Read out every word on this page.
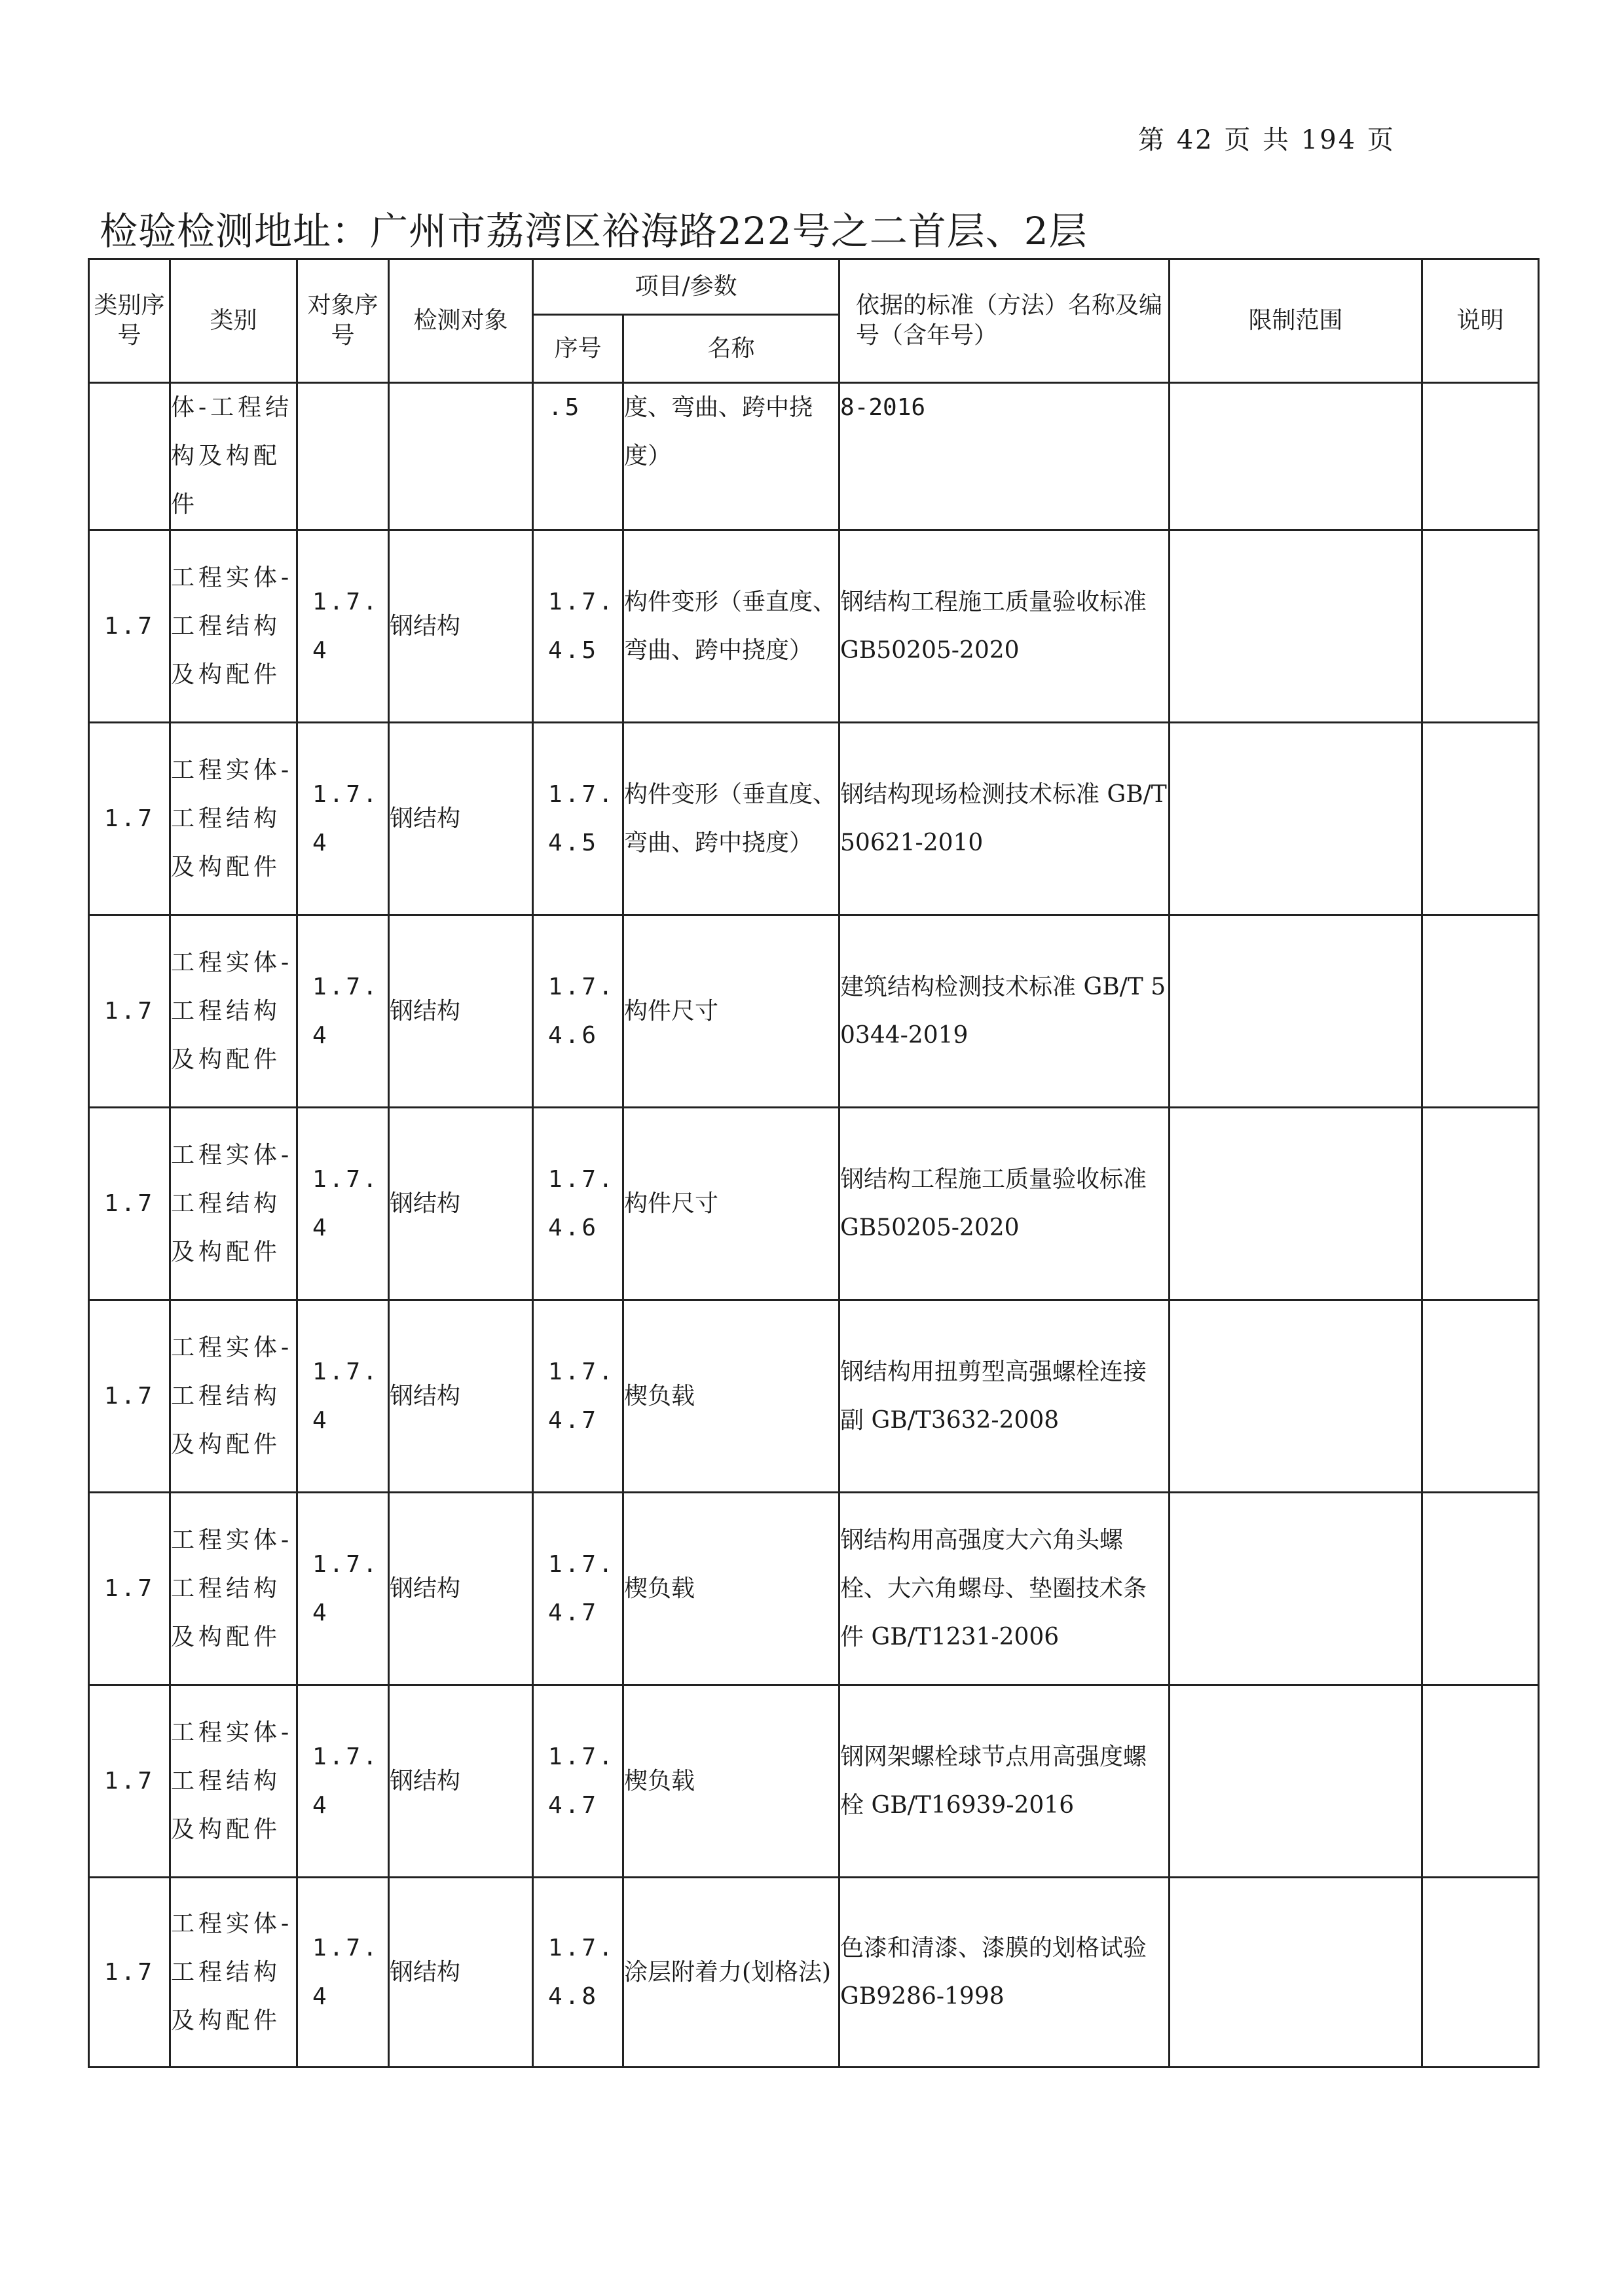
第 42 页 共 194 页
检验检测地址：广州市荔湾区裕海路222号之二首层、2层
类别序号	类别	对象序号	检测对象	项目/参数		依据的标准（方法）名称及编号（含年号）	限制范围	说明
				序号	名称			
	体-工程结构及构配件			.5	度、弯曲、跨中挠度）	8-2016		
1.7	工程实体-工程结构及构配件	1.7.4	钢结构	1.7.4.5	构件变形（垂直度、弯曲、跨中挠度）	钢结构工程施工质量验收标准 GB50205-2020		
1.7	工程实体-工程结构及构配件	1.7.4	钢结构	1.7.4.5	构件变形（垂直度、弯曲、跨中挠度）	钢结构现场检测技术标准 GB/T50621-2010		
1.7	工程实体-工程结构及构配件	1.7.4	钢结构	1.7.4.6	构件尺寸	建筑结构检测技术标准 GB/T 50344-2019		
1.7	工程实体-工程结构及构配件	1.7.4	钢结构	1.7.4.6	构件尺寸	钢结构工程施工质量验收标准 GB50205-2020		
1.7	工程实体-工程结构及构配件	1.7.4	钢结构	1.7.4.7	楔负载	钢结构用扭剪型高强螺栓连接副 GB/T3632-2008		
1.7	工程实体-工程结构及构配件	1.7.4	钢结构	1.7.4.7	楔负载	钢结构用高强度大六角头螺栓、大六角螺母、垫圈技术条件 GB/T1231-2006		
1.7	工程实体-工程结构及构配件	1.7.4	钢结构	1.7.4.7	楔负载	钢网架螺栓球节点用高强度螺栓 GB/T16939-2016		
1.7	工程实体-工程结构及构配件	1.7.4	钢结构	1.7.4.8	涂层附着力(划格法)	色漆和清漆、漆膜的划格试验 GB9286-1998		
